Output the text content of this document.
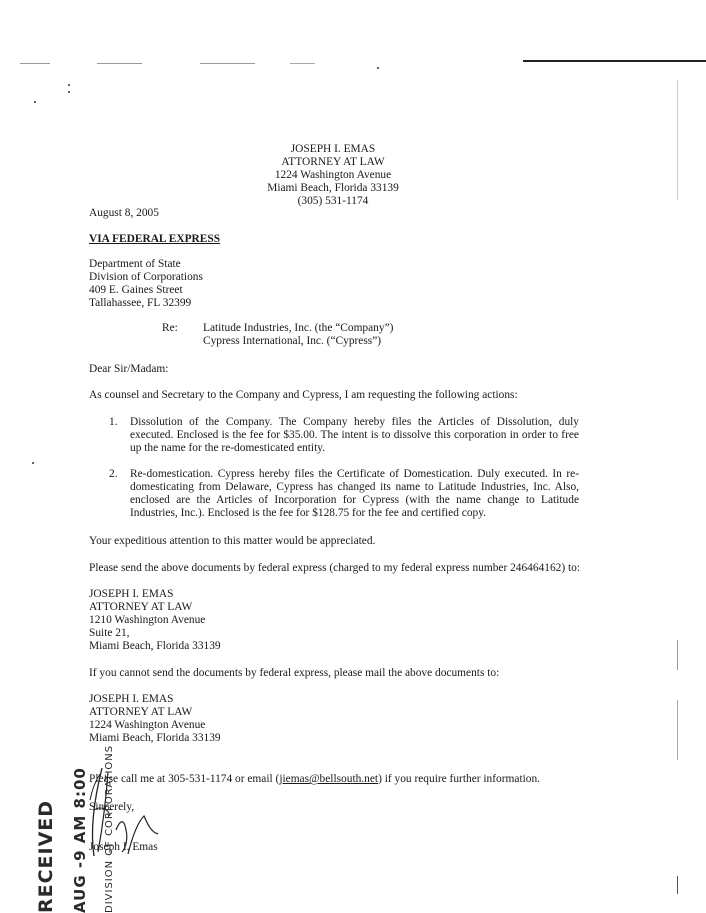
JOSEPH I. EMAS
ATTORNEY AT LAW
1224 Washington Avenue
Miami Beach, Florida 33139
(305) 531-1174
August 8, 2005
VIA FEDERAL EXPRESS
Department of State
Division of Corporations
409 E. Gaines Street
Tallahassee, FL 32399
Re: Latitude Industries, Inc. (the “Company”)
Cypress International, Inc. (“Cypress”)
Dear Sir/Madam:
As counsel and Secretary to the Company and Cypress, I am requesting the following actions:
1. Dissolution of the Company. The Company hereby files the Articles of Dissolution, duly executed. Enclosed is the fee for $35.00. The intent is to dissolve this corporation in order to free up the name for the re-domesticated entity.
2. Re-domestication. Cypress hereby files the Certificate of Domestication. Duly executed. In re-domesticating from Delaware, Cypress has changed its name to Latitude Industries, Inc. Also, enclosed are the Articles of Incorporation for Cypress (with the name change to Latitude Industries, Inc.). Enclosed is the fee for $128.75 for the fee and certified copy.
Your expeditious attention to this matter would be appreciated.
Please send the above documents by federal express (charged to my federal express number 246464162) to:
JOSEPH I. EMAS
ATTORNEY AT LAW
1210 Washington Avenue
Suite 21,
Miami Beach, Florida 33139
If you cannot send the documents by federal express, please mail the above documents to:
JOSEPH I. EMAS
ATTORNEY AT LAW
1224 Washington Avenue
Miami Beach, Florida 33139
Please call me at 305-531-1174 or email (jiemas@bellsouth.net) if you require further information.
Sincerely,
Joseph I. Emas
RECEIVED AUG -9 AM 8:00 DIVISION OF CORPORATIONS
